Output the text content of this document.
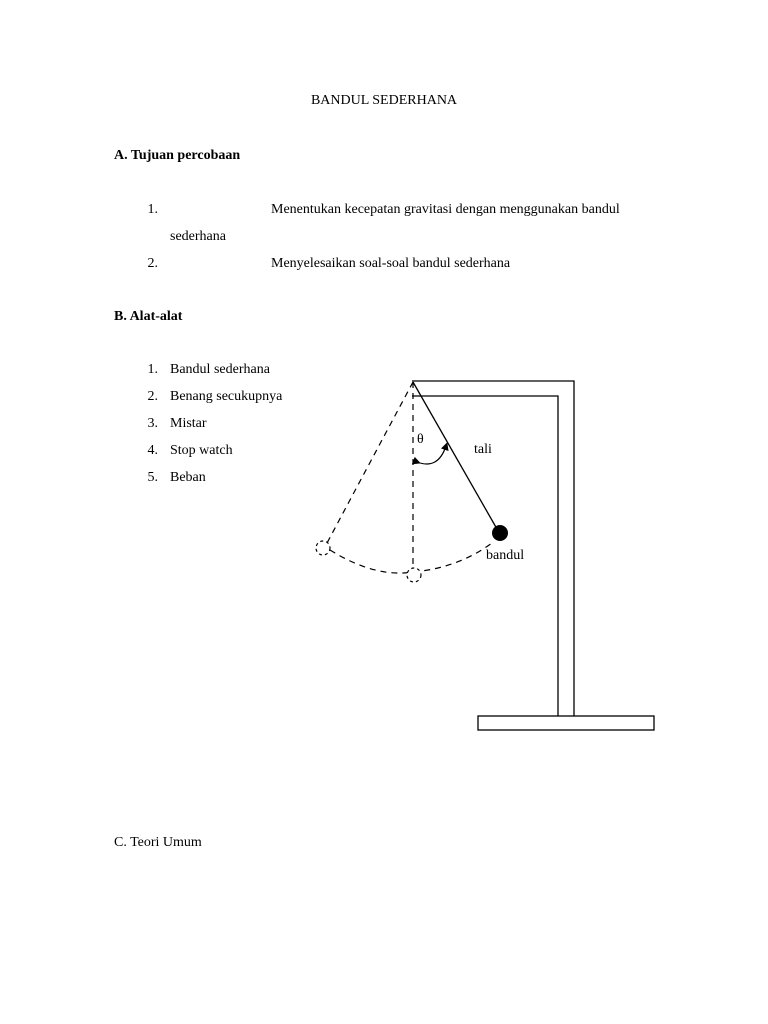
BANDUL SEDERHANA
A. Tujuan percobaan
1.	Menentukan kecepatan gravitasi dengan menggunakan bandul
sederhana
2.	Menyelesaikan soal-soal bandul sederhana
B. Alat-alat
1. Bandul sederhana
2. Benang secukupnya
3. Mistar
4. Stop watch
5. Beban
θ
tali
bandul
C. Teori Umum
